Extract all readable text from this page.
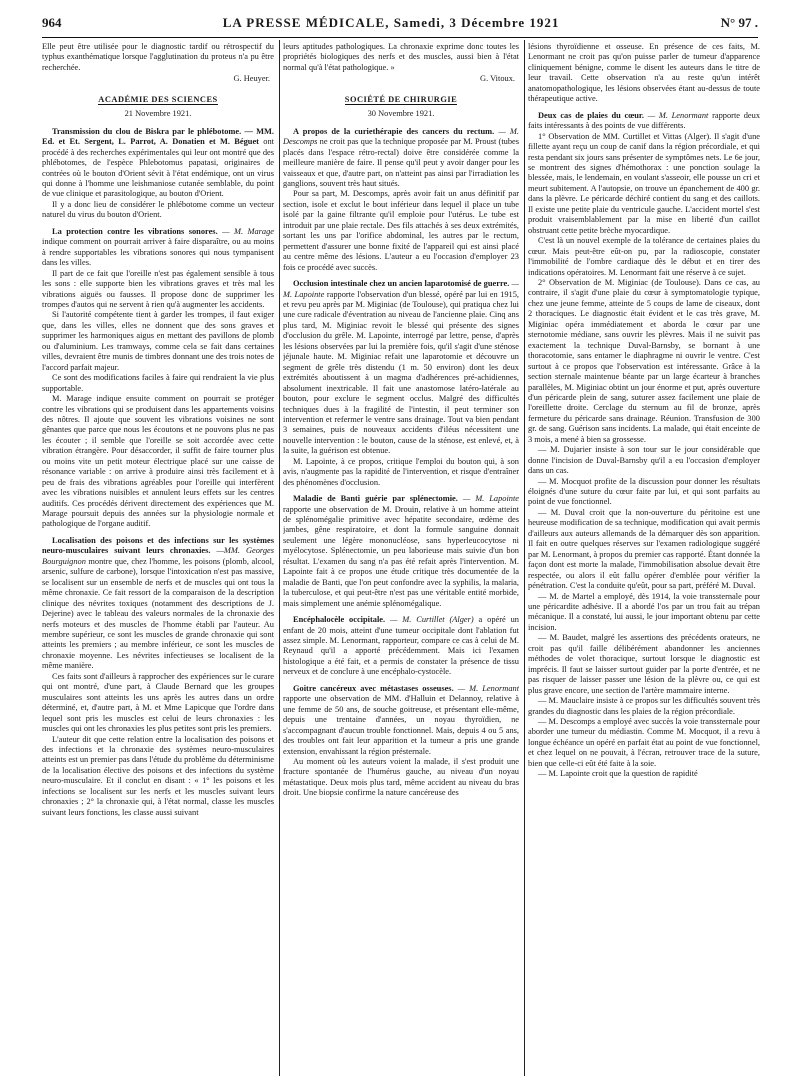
964	LA PRESSE MÉDICALE, Samedi, 3 Décembre 1921	N° 97 .

Elle peut être utilisée pour le diagnostic tardif ou rétrospectif du typhus exanthématique lorsque l'agglutination du proteus n'a pu être recherchée.

G. Heuyer.

ACADÉMIE DES SCIENCES

21 Novembre 1921.

Transmission du clou de Biskra par le phlébotome. — MM. Ed. et Et. Sergent, L. Parrot, A. Donatien et M. Béguet ont procédé à des recherches expérimentales qui leur ont montré que des phlébotomes, de l'espèce Phlebotomus papatasi, originaires de contrées où le bouton d'Orient sévit à l'état endémique, ont un virus qui donne à l'homme une leishmaniose cutanée semblable, du point de vue clinique et parasitologique, au bouton d'Orient.

Il y a donc lieu de considérer le phlébotome comme un vecteur naturel du virus du bouton d'Orient.

La protection contre les vibrations sonores. — M. Marage indique comment on pourrait arriver à faire disparaître, ou au moins à rendre supportables les vibrations sonores qui nous tympanisent dans les villes.

Il part de ce fait que l'oreille n'est pas également sensible à tous les sons : elle supporte bien les vibrations graves et très mal les vibrations aiguës ou fausses. Il propose donc de supprimer les trompes d'autos qui ne servent à rien qu'à augmenter les accidents.

Si l'autorité compétente tient à garder les trompes, il faut exiger que, dans les villes, elles ne donnent que des sons graves et supprimer les harmoniques aigus en mettant des pavillons de plomb ou d'aluminium. Les tramways, comme cela se fait dans certaines villes, devraient être munis de timbres donnant une des trois notes de l'accord parfait majeur.

Ce sont des modifications faciles à faire qui rendraient la vie plus supportable.

M. Marage indique ensuite comment on pourrait se protéger contre les vibrations qui se produisent dans les appartements voisins des nôtres. Il ajoute que souvent les vibrations voisines ne sont gênantes que parce que nous les écoutons et ne pouvons plus ne pas les écouter ; il semble que l'oreille se soit accordée avec cette vibration étrangère. Pour désaccorder, il suffit de faire tourner plus ou moins vite un petit moteur électrique placé sur une caisse de résonance variable : on arrive à produire ainsi très facilement et à peu de frais des vibrations agréables pour l'oreille qui interfèrent avec les vibrations nuisibles et annulent leurs effets sur les centres auditifs. Ces procédés dérivent directement des expériences que M. Marage poursuit depuis des années sur la physiologie normale et pathologique de l'organe auditif.

Localisation des poisons et des infections sur les systèmes neuro-musculaires suivant leurs chronaxies. —MM. Georges Bourguignon montre que, chez l'homme, les poisons (plomb, alcool, arsenic, sulfure de carbone), lorsque l'intoxication n'est pas massive, se localisent sur un ensemble de nerfs et de muscles qui ont tous la même chronaxie. Ce fait ressort de la comparaison de la description clinique des névrites toxiques (notamment des descriptions de J. Dejerine) avec le tableau des valeurs normales de la chronaxie des nerfs moteurs et des muscles de l'homme établi par l'auteur. Au membre supérieur, ce sont les muscles de grande chronaxie qui sont atteints les premiers ; au membre inférieur, ce sont les muscles de chronaxie moyenne. Les névrites infectieuses se localisent de la même manière.

Ces faits sont d'ailleurs à rapprocher des expériences sur le curare qui ont montré, d'une part, à Claude Bernard que les groupes musculaires sont atteints les uns après les autres dans un ordre déterminé, et, d'autre part, à M. et Mme Lapicque que l'ordre dans lequel sont pris les muscles est celui de leurs chronaxies : les muscles qui ont les chronaxies les plus petites sont pris les premiers.

L'auteur dit que cette relation entre la localisation des poisons et des infections et la chronaxie des systèmes neuro-musculaires atteints est un premier pas dans l'étude du problème du déterminisme de la localisation élective des poisons et des infections du système neuro-musculaire. Et il conclut en disant : « 1° les poisons et les infections se localisent sur les nerfs et les muscles suivant leurs chronaxies ; 2° la chronaxie qui, à l'état normal, classe les muscles suivant leurs fonctions, les classe aussi suivant

leurs aptitudes pathologiques. La chronaxie exprime donc toutes les propriétés biologiques des nerfs et des muscles, aussi bien à l'état normal qu'à l'état pathologique. »

G. Vitoux.

SOCIÉTÉ DE CHIRURGIE

30 Novembre 1921.

A propos de la curiethérapie des cancers du rectum. — M. Descomps ne croit pas que la technique proposée par M. Proust (tubes placés dans l'espace rétro-rectal) doive être considérée comme la meilleure manière de faire. Il pense qu'il peut y avoir danger pour les vaisseaux et que, d'autre part, on n'atteint pas ainsi par l'irradiation les ganglions, souvent très haut situés.

Pour sa part, M. Descomps, après avoir fait un anus définitif par section, isole et exclut le bout inférieur dans lequel il place un tube isolé par la gaine filtrante qu'il emploie pour l'utérus. Le tube est introduit par une plaie rectale. Des fils attachés à ses deux extrémités, sortant les uns par l'orifice abdominal, les autres par le rectum, permettent d'assurer une bonne fixité de l'appareil qui est ainsi placé au centre même des lésions. L'auteur a eu l'occasion d'employer 23 fois ce procédé avec succès.

Occlusion intestinale chez un ancien laparotomisé de guerre. — M. Lapointe rapporte l'observation d'un blessé, opéré par lui en 1915, et revu peu après par M. Miginiac (de Toulouse), qui pratiqua chez lui une cure radicale d'éventration au niveau de l'ancienne plaie. Cinq ans plus tard, M. Miginiac revoit le blessé qui présente des signes d'occlusion du grêle. M. Lapointe, interrogé par lettre, pense, d'après les lésions observées par lui la première fois, qu'il s'agit d'une sténose jéjunale haute. M. Miginiac refait une laparotomie et découvre un segment de grêle très distendu (1 m. 50 environ) dont les deux extrémités aboutissent à un magma d'adhérences pré-achidiennes, absolument inextricable. Il fait une anastomose latéro-latérale au bouton, pour exclure le segment occlus. Malgré des difficultés techniques dues à la fragilité de l'intestin, il peut terminer son intervention et refermer le ventre sans drainage. Tout va bien pendant 3 semaines, puis de nouveaux accidents d'iléus nécessitent une nouvelle intervention : le bouton, cause de la sténose, est enlevé, et, à la suite, la guérison est obtenue.

M. Lapointe, à ce propos, critique l'emploi du bouton qui, à son avis, n'augmente pas la rapidité de l'intervention, et risque d'entraîner des phénomènes d'occlusion.

Maladie de Banti guérie par splénectomie. — M. Lapointe rapporte une observation de M. Drouin, relative à un homme atteint de splénomégalie primitive avec hépatite secondaire, œdème des jambes, gêne respiratoire, et dont la formule sanguine donnait seulement une légère mononucléose, sans hyperleucocytose ni myélocytose. Splénectomie, un peu laborieuse mais suivie d'un bon résultat. L'examen du sang n'a pas été refait après l'intervention. M. Lapointe fait à ce propos une étude critique très documentée de la maladie de Banti, que l'on peut confondre avec la syphilis, la malaria, la tuberculose, et qui peut-être n'est pas une véritable entité morbide, mais simplement une anémie splénomégalique.

Encéphalocèle occipitale. — M. Curtillet (Alger) a opéré un enfant de 20 mois, atteint d'une tumeur occipitale dont l'ablation fut assez simple. M. Lenormant, rapporteur, compare ce cas à celui de M. Reynaud qu'il a apporté précédemment. Mais ici l'examen histologique a été fait, et a permis de constater la présence de tissu nerveux et de conclure à une encéphalo-cystocèle.

Goitre cancéreux avec métastases osseuses. — M. Lenormant rapporte une observation de MM. d'Halluin et Delannoy, relative à une femme de 50 ans, de souche goitreuse, et présentant elle-même, depuis une trentaine d'années, un noyau thyroïdien, ne s'accompagnant d'aucun trouble fonctionnel. Mais, depuis 4 ou 5 ans, des troubles ont fait leur apparition et la tumeur a pris une grande extension, envahissant la région présternale.

Au moment où les auteurs voient la malade, il s'est produit une fracture spontanée de l'humérus gauche, au niveau d'un noyau métastatique. Deux mois plus tard, même accident au niveau du bras droit. Une biopsie confirme la nature cancéreuse des

lésions thyroïdienne et osseuse. En présence de ces faits, M. Lenormant ne croit pas qu'on puisse parler de tumeur d'apparence cliniquement bénigne, comme le disent les auteurs dans le titre de leur travail. Cette observation n'a au reste qu'un intérêt anatomopathologique, les lésions observées étant au-dessus de toute thérapeutique active.

Deux cas de plaies du cœur. — M. Lenormant rapporte deux faits intéressants à des points de vue différents.

1° Observation de MM. Curtillet et Vittas (Alger). Il s'agit d'une fillette ayant reçu un coup de canif dans la région précordiale, et qui resta pendant six jours sans présenter de symptômes nets. Le 6e jour, se montrent des signes d'hémothorax : une ponction soulage la blessée, mais, le lendemain, en voulant s'asseoir, elle pousse un cri et meurt subitement. A l'autopsie, on trouve un épanchement de 400 gr. dans la plèvre. Le péricarde déchiré contient du sang et des caillots. Il existe une petite plaie du ventricule gauche. L'accident mortel s'est produit vraisemblablement par la mise en liberté d'un caillot obstruant cette petite brèche myocardique.

C'est là un nouvel exemple de la tolérance de certaines plaies du cœur. Mais peut-être eût-on pu, par la radioscopie, constater l'immobilité de l'ombre cardiaque dès le début et en tirer des indications opératoires. M. Lenormant fait une réserve à ce sujet.

2° Observation de M. Miginiac (de Toulouse). Dans ce cas, au contraire, il s'agit d'une plaie du cœur à symptomatologie typique, chez une jeune femme, atteinte de 5 coups de lame de ciseaux, dont 2 thoraciques. Le diagnostic était évident et le cas très grave, M. Miginiac opéra immédiatement et aborda le cœur par une sternotomie médiane, sans ouvrir les plèvres. Mais il ne suivit pas exactement la technique Duval-Barnsby, se bornant à une thoracotomie, sans entamer le diaphragme ni ouvrir le ventre. C'est surtout à ce propos que l'observation est intéressante. Grâce à la section sternale maintenue béante par un large écarteur à branches parallèles, M. Miginiac obtint un jour énorme et put, après ouverture d'un péricarde plein de sang, suturer assez facilement une plaie de l'oreillette droite. Cerclage du sternum au fil de bronze, après fermeture du péricarde sans drainage. Réunion. Transfusion de 300 gr. de sang. Guérison sans incidents. La malade, qui était enceinte de 3 mois, a mené à bien sa grossesse.

— M. Dujarier insiste à son tour sur le jour considérable que donne l'incision de Duval-Barnsby qu'il a eu l'occasion d'employer dans un cas.

— M. Mocquot profite de la discussion pour donner les résultats éloignés d'une suture du cœur faite par lui, et qui sont parfaits au point de vue fonctionnel.

— M. Duval croit que la non-ouverture du péritoine est une heureuse modification de sa technique, modification qui avait permis d'ailleurs aux auteurs allemands de la démarquer dès son apparition. Il fait en outre quelques réserves sur l'examen radiologique suggéré par M. Lenormant, à propos du premier cas rapporté. Étant donnée la façon dont est morte la malade, l'immobilisation absolue devait être respectée, ou alors il eût fallu opérer d'emblée pour vérifier la pénétration. C'est la conduite qu'eût, pour sa part, préféré M. Duval.

— M. de Martel a employé, dès 1914, la voie transsternale pour une péricardite adhésive. Il a abordé l'os par un trou fait au trépan mécanique. Il a constaté, lui aussi, le jour important obtenu par cette incision.

— M. Baudet, malgré les assertions des précédents orateurs, ne croit pas qu'il faille délibérément abandonner les anciennes méthodes de volet thoracique, surtout lorsque le diagnostic est imprécis. Il faut se laisser surtout guider par la porte d'entrée, et ne pas risquer de laisser passer une lésion de la plèvre ou, ce qui est plus grave encore, une section de l'artère mammaire interne.

— M. Mauclaire insiste à ce propos sur les difficultés souvent très grandes du diagnostic dans les plaies de la région précordiale.

— M. Descomps a employé avec succès la voie transsternale pour aborder une tumeur du médiastin. Comme M. Mocquot, il a revu à longue échéance un opéré en parfait état au point de vue fonctionnel, et chez lequel on ne pouvait, à l'écran, retrouver trace de la suture, bien que celle-ci eût été faite à la soie.

— M. Lapointe croit que la question de rapidité
